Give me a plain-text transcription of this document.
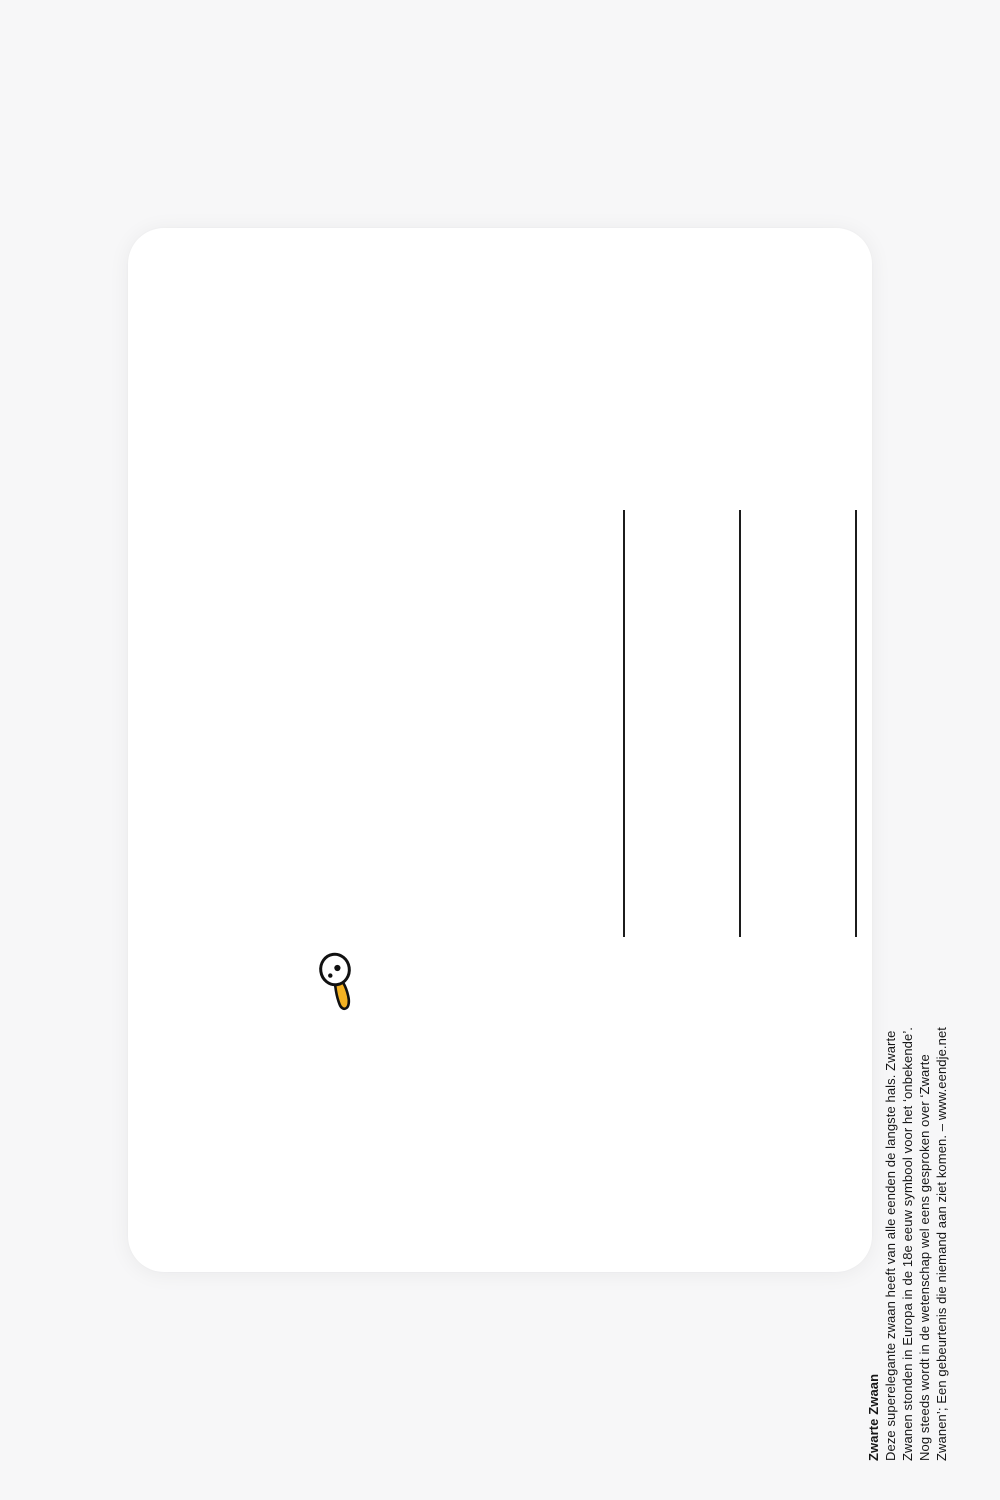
Zwarte Zwaan Deze superelegante zwaan heeft van alle eenden de langste hals. Zwarte Zwanen stonden in Europa in de 18e eeuw symbool voor het ‘onbekende’. Nog steeds wordt in de wetenschap wel eens gesproken over ‘Zwarte Zwanen’; Een gebeurtenis die niemand aan ziet komen. – www.eendje.net
